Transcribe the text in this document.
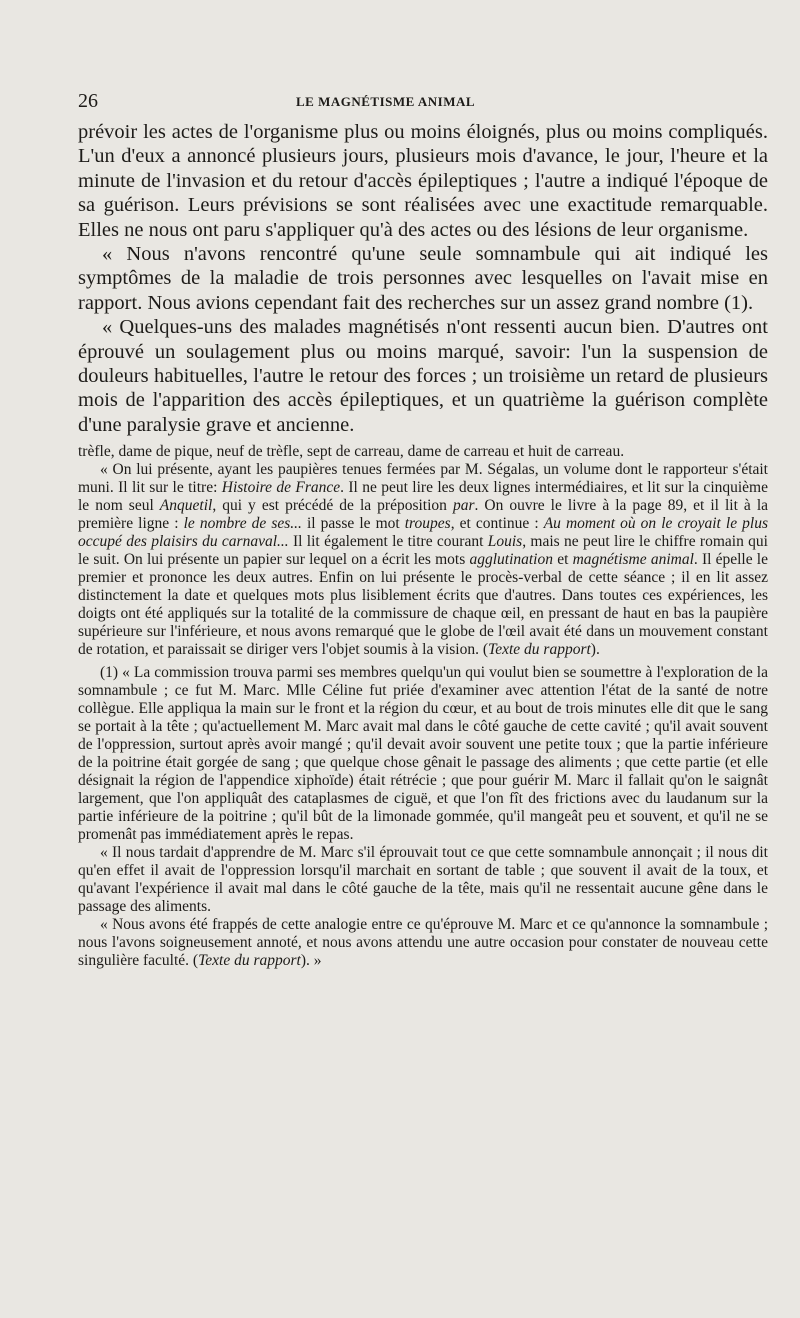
26	LE MAGNÉTISME ANIMAL

prévoir les actes de l'organisme plus ou moins éloignés, plus ou moins compliqués. L'un d'eux a annoncé plusieurs jours, plusieurs mois d'avance, le jour, l'heure et la minute de l'invasion et du retour d'accès épileptiques ; l'autre a indiqué l'époque de sa guérison. Leurs prévisions se sont réalisées avec une exactitude remarquable. Elles ne nous ont paru s'appliquer qu'à des actes ou des lésions de leur organisme.

« Nous n'avons rencontré qu'une seule somnambule qui ait indiqué les symptômes de la maladie de trois personnes avec lesquelles on l'avait mise en rapport. Nous avions cependant fait des recherches sur un assez grand nombre (1).

« Quelques-uns des malades magnétisés n'ont ressenti aucun bien. D'autres ont éprouvé un soulagement plus ou moins marqué, savoir: l'un la suspension de douleurs habituelles, l'autre le retour des forces ; un troisième un retard de plusieurs mois de l'apparition des accès épileptiques, et un quatrième la guérison complète d'une paralysie grave et ancienne.

trèfle, dame de pique, neuf de trèfle, sept de carreau, dame de carreau et huit de carreau.

« On lui présente, ayant les paupières tenues fermées par M. Ségalas, un volume dont le rapporteur s'était muni. Il lit sur le titre: Histoire de France. Il ne peut lire les deux lignes intermédiaires, et lit sur la cinquième le nom seul Anquetil, qui y est précédé de la préposition par. On ouvre le livre à la page 89, et il lit à la première ligne : le nombre de ses... il passe le mot troupes, et continue : Au moment où on le croyait le plus occupé des plaisirs du carnaval... Il lit également le titre courant Louis, mais ne peut lire le chiffre romain qui le suit. On lui présente un papier sur lequel on a écrit les mots agglutination et magnétisme animal. Il épelle le premier et prononce les deux autres. Enfin on lui présente le procès-verbal de cette séance ; il en lit assez distinctement la date et quelques mots plus lisiblement écrits que d'autres. Dans toutes ces expériences, les doigts ont été appliqués sur la totalité de la commissure de chaque œil, en pressant de haut en bas la paupière supérieure sur l'inférieure, et nous avons remarqué que le globe de l'œil avait été dans un mouvement constant de rotation, et paraissait se diriger vers l'objet soumis à la vision. (Texte du rapport).

(1) « La commission trouva parmi ses membres quelqu'un qui voulut bien se soumettre à l'exploration de la somnambule ; ce fut M. Marc. Mlle Céline fut priée d'examiner avec attention l'état de la santé de notre collègue. Elle appliqua la main sur le front et la région du cœur, et au bout de trois minutes elle dit que le sang se portait à la tête ; qu'actuellement M. Marc avait mal dans le côté gauche de cette cavité ; qu'il avait souvent de l'oppression, surtout après avoir mangé ; qu'il devait avoir souvent une petite toux ; que la partie inférieure de la poitrine était gorgée de sang ; que quelque chose gênait le passage des aliments ; que cette partie (et elle désignait la région de l'appendice xiphoïde) était rétrécie ; que pour guérir M. Marc il fallait qu'on le saignât largement, que l'on appliquât des cataplasmes de ciguë, et que l'on fît des frictions avec du laudanum sur la partie inférieure de la poitrine ; qu'il bût de la limonade gommée, qu'il mangeât peu et souvent, et qu'il ne se promenât pas immédiatement après le repas.

« Il nous tardait d'apprendre de M. Marc s'il éprouvait tout ce que cette somnambule annonçait ; il nous dit qu'en effet il avait de l'oppression lorsqu'il marchait en sortant de table ; que souvent il avait de la toux, et qu'avant l'expérience il avait mal dans le côté gauche de la tête, mais qu'il ne ressentait aucune gêne dans le passage des aliments.

« Nous avons été frappés de cette analogie entre ce qu'éprouve M. Marc et ce qu'annonce la somnambule ; nous l'avons soigneusement annoté, et nous avons attendu une autre occasion pour constater de nouveau cette singulière faculté. (Texte du rapport). »
